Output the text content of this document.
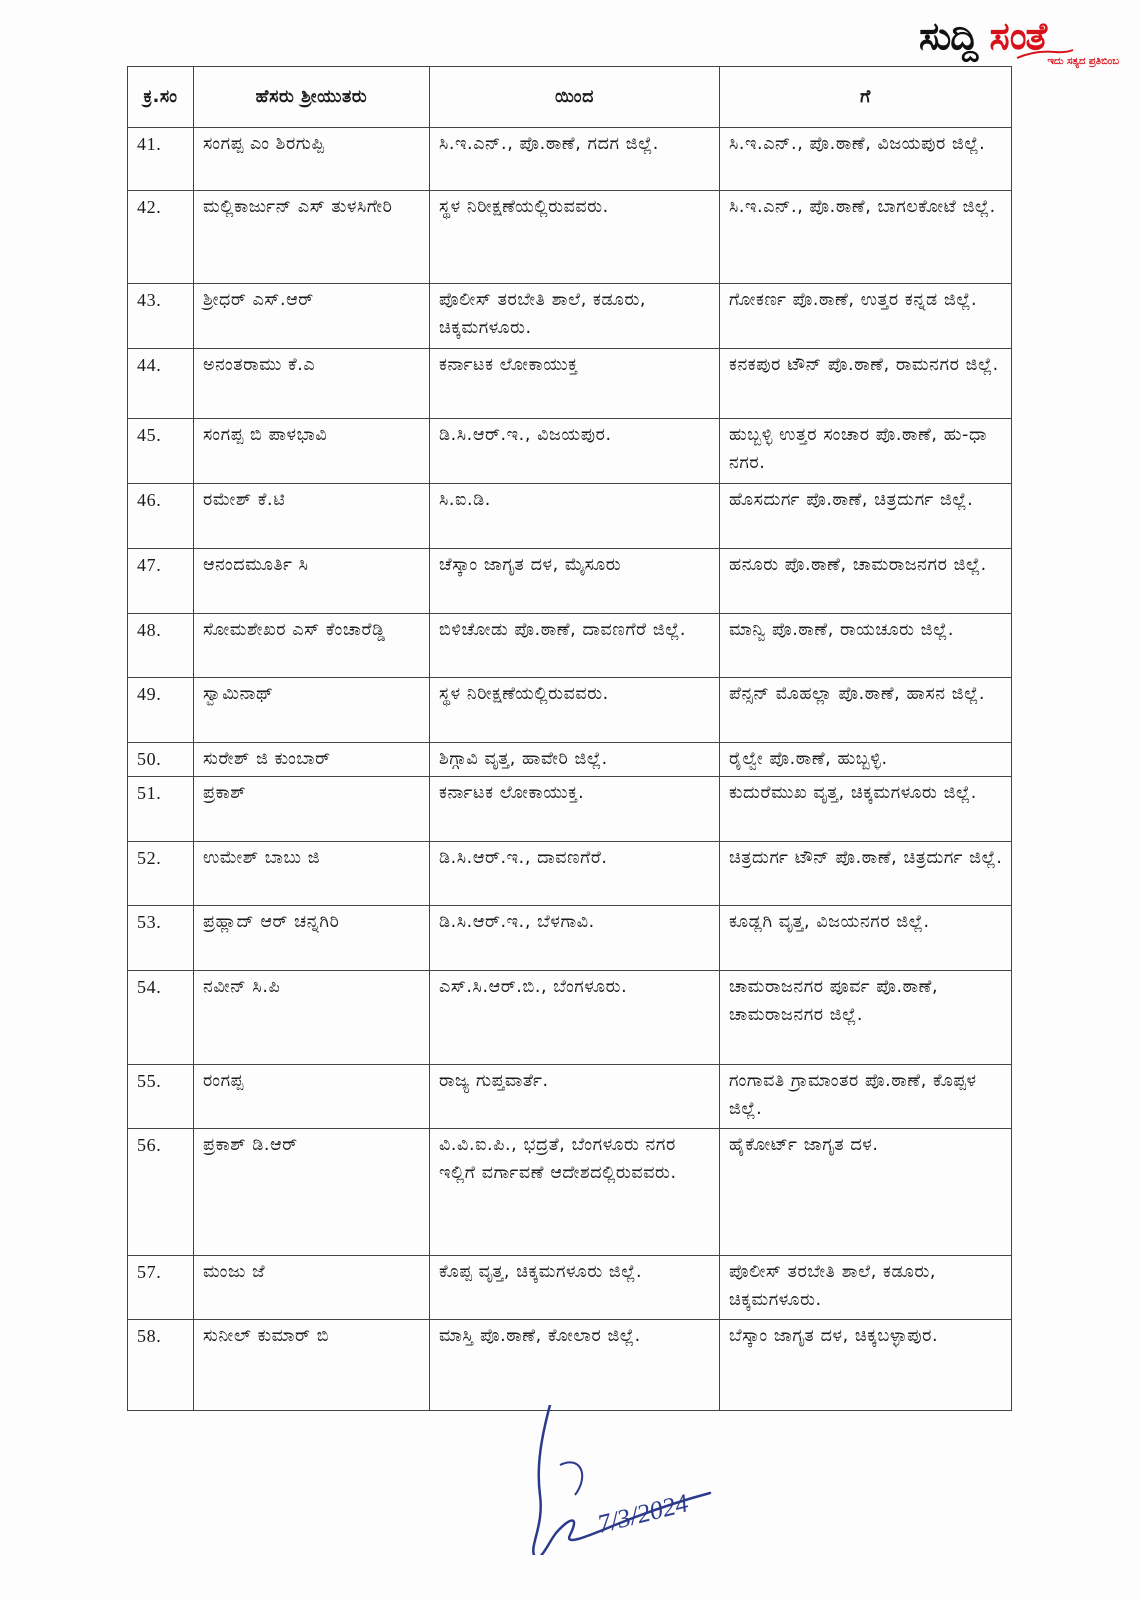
ಸುದ್ದಿ ಸಂತೆ
ಇದು ಸತ್ಯದ ಪ್ರತಿಬಿಂಬ
ಕ್ರ.ಸಂ	ಹೆಸರು ಶ್ರೀಯುತರು	ಯಿಂದ	ಗೆ
41.	ಸಂಗಪ್ಪ ಎಂ ಶಿರಗುಪ್ಪಿ	ಸಿ.ಇ.ಎನ್., ಪೊ.ಠಾಣೆ, ಗದಗ ಜಿಲ್ಲೆ.	ಸಿ.ಇ.ಎನ್., ಪೊ.ಠಾಣೆ, ವಿಜಯಪುರ ಜಿಲ್ಲೆ.
42.	ಮಲ್ಲಿಕಾರ್ಜುನ್ ಎಸ್ ತುಳಸಿಗೇರಿ	ಸ್ಥಳ ನಿರೀಕ್ಷಣೆಯಲ್ಲಿರುವವರು.	ಸಿ.ಇ.ಎನ್., ಪೊ.ಠಾಣೆ, ಬಾಗಲಕೋಟೆ ಜಿಲ್ಲೆ.
43.	ಶ್ರೀಧರ್ ಎಸ್.ಆರ್	ಪೊಲೀಸ್ ತರಬೇತಿ ಶಾಲೆ, ಕಡೂರು, ಚಿಕ್ಕಮಗಳೂರು.	ಗೋಕರ್ಣ ಪೊ.ಠಾಣೆ, ಉತ್ತರ ಕನ್ನಡ ಜಿಲ್ಲೆ.
44.	ಅನಂತರಾಮು ಕೆ.ಎ	ಕರ್ನಾಟಕ ಲೋಕಾಯುಕ್ತ	ಕನಕಪುರ ಟೌನ್ ಪೊ.ಠಾಣೆ, ರಾಮನಗರ ಜಿಲ್ಲೆ.
45.	ಸಂಗಪ್ಪ ಬಿ ಪಾಳಭಾವಿ	ಡಿ.ಸಿ.ಆರ್.ಇ., ವಿಜಯಪುರ.	ಹುಬ್ಬಳ್ಳಿ ಉತ್ತರ ಸಂಚಾರ ಪೊ.ಠಾಣೆ, ಹು-ಧಾ ನಗರ.
46.	ರಮೇಶ್ ಕೆ.ಟಿ	ಸಿ.ಐ.ಡಿ.	ಹೊಸದುರ್ಗ ಪೊ.ಠಾಣೆ, ಚಿತ್ರದುರ್ಗ ಜಿಲ್ಲೆ.
47.	ಆನಂದಮೂರ್ತಿ ಸಿ	ಚೆಸ್ಕಾಂ ಜಾಗೃತ ದಳ, ಮೈಸೂರು	ಹನೂರು ಪೊ.ಠಾಣೆ, ಚಾಮರಾಜನಗರ ಜಿಲ್ಲೆ.
48.	ಸೋಮಶೇಖರ ಎಸ್ ಕೆಂಚಾರೆಡ್ಡಿ	ಬಿಳಿಚೋಡು ಪೊ.ಠಾಣೆ, ದಾವಣಗೆರೆ ಜಿಲ್ಲೆ.	ಮಾನ್ವಿ ಪೊ.ಠಾಣೆ, ರಾಯಚೂರು ಜಿಲ್ಲೆ.
49.	ಸ್ವಾಮಿನಾಥ್	ಸ್ಥಳ ನಿರೀಕ್ಷಣೆಯಲ್ಲಿರುವವರು.	ಪೆನ್ಸನ್ ಮೊಹಲ್ಲಾ ಪೊ.ಠಾಣೆ, ಹಾಸನ ಜಿಲ್ಲೆ.
50.	ಸುರೇಶ್ ಜಿ ಕುಂಬಾರ್	ಶಿಗ್ಗಾವಿ ವೃತ್ತ, ಹಾವೇರಿ ಜಿಲ್ಲೆ.	ರೈಲ್ವೇ ಪೊ.ಠಾಣೆ, ಹುಬ್ಬಳ್ಳಿ.
51.	ಪ್ರಕಾಶ್	ಕರ್ನಾಟಕ ಲೋಕಾಯುಕ್ತ.	ಕುದುರೆಮುಖ ವೃತ್ತ, ಚಿಕ್ಕಮಗಳೂರು ಜಿಲ್ಲೆ.
52.	ಉಮೇಶ್ ಬಾಬು ಜಿ	ಡಿ.ಸಿ.ಆರ್.ಇ., ದಾವಣಗೆರೆ.	ಚಿತ್ರದುರ್ಗ ಟೌನ್ ಪೊ.ಠಾಣೆ, ಚಿತ್ರದುರ್ಗ ಜಿಲ್ಲೆ.
53.	ಪ್ರಹ್ಲಾದ್ ಆರ್ ಚನ್ನಗಿರಿ	ಡಿ.ಸಿ.ಆರ್.ಇ., ಬೆಳಗಾವಿ.	ಕೂಡ್ಲಗಿ ವೃತ್ತ, ವಿಜಯನಗರ ಜಿಲ್ಲೆ.
54.	ನವೀನ್ ಸಿ.ಪಿ	ಎಸ್.ಸಿ.ಆರ್.ಬಿ., ಬೆಂಗಳೂರು.	ಚಾಮರಾಜನಗರ ಪೂರ್ವ ಪೊ.ಠಾಣೆ, ಚಾಮರಾಜನಗರ ಜಿಲ್ಲೆ.
55.	ರಂಗಪ್ಪ	ರಾಜ್ಯ ಗುಪ್ತವಾರ್ತೆ.	ಗಂಗಾವತಿ ಗ್ರಾಮಾಂತರ ಪೊ.ಠಾಣೆ, ಕೊಪ್ಪಳ ಜಿಲ್ಲೆ.
56.	ಪ್ರಕಾಶ್ ಡಿ.ಆರ್	ವಿ.ವಿ.ಐ.ಪಿ., ಭದ್ರತೆ, ಬೆಂಗಳೂರು ನಗರ ಇಲ್ಲಿಗೆ ವರ್ಗಾವಣೆ ಆದೇಶದಲ್ಲಿರುವವರು.	ಹೈಕೋರ್ಟ್ ಜಾಗೃತ ದಳ.
57.	ಮಂಜು ಜೆ	ಕೊಪ್ಪ ವೃತ್ತ, ಚಿಕ್ಕಮಗಳೂರು ಜಿಲ್ಲೆ.	ಪೊಲೀಸ್ ತರಬೇತಿ ಶಾಲೆ, ಕಡೂರು, ಚಿಕ್ಕಮಗಳೂರು.
58.	ಸುನೀಲ್ ಕುಮಾರ್ ಬಿ	ಮಾಸ್ತಿ ಪೊ.ಠಾಣೆ, ಕೋಲಾರ ಜಿಲ್ಲೆ.	ಬೆಸ್ಕಾಂ ಜಾಗೃತ ದಳ, ಚಿಕ್ಕಬಳ್ಳಾಪುರ.
7/3/2024
